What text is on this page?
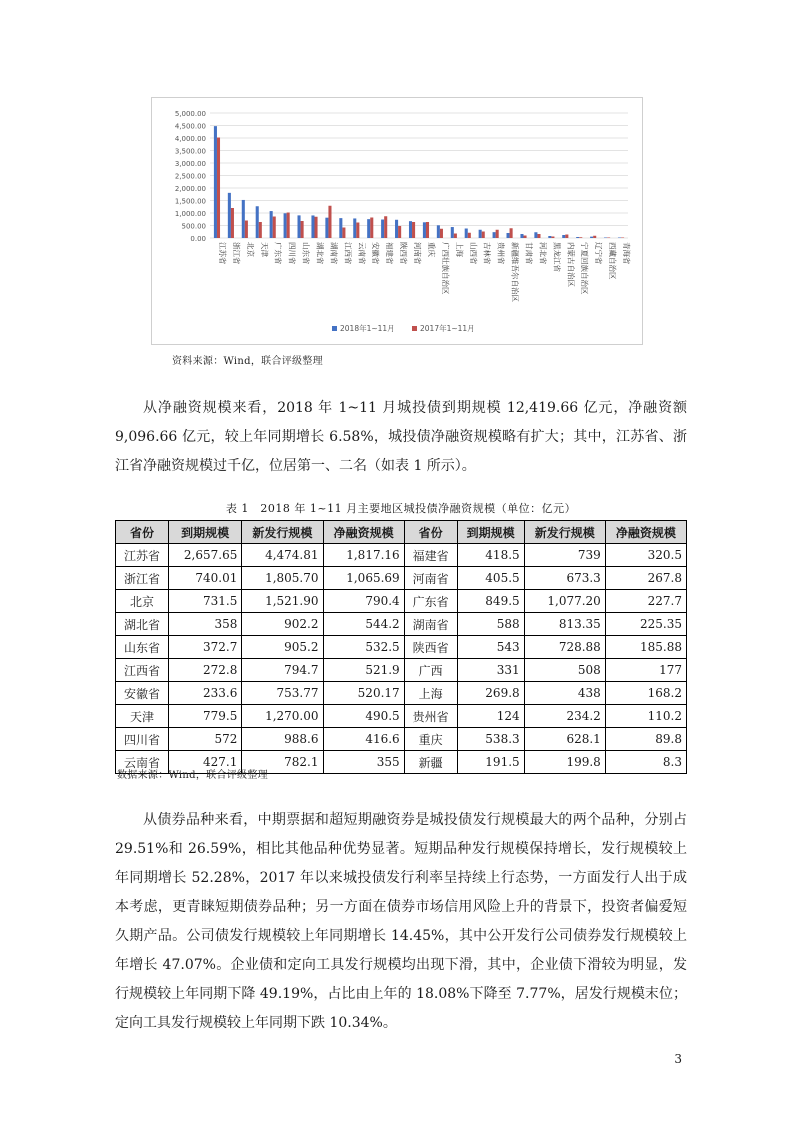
0.00
500.00
1,000.00
1,500.00
2,000.00
2,500.00
3,000.00
3,500.00
4,000.00
4,500.00
5,000.00
江苏省 浙江省 北京 天津 广东省 四川省 山东省 湖北省 湖南省 江西省 云南省 安徽省 福建省 陕西省 河南省 重庆 广西壮族自治区 上海 山西省 吉林省 贵州省 新疆维吾尔自治区 甘肃省 河北省 黑龙江省 内蒙古自治区 宁夏回族自治区 辽宁省 西藏自治区 青海省
2018年1~11月	2017年1~11月
资料来源：Wind，联合评级整理

从净融资规模来看，2018 年 1~11 月城投债到期规模 12,419.66 亿元，净融资额 9,096.66 亿元，较上年同期增长 6.58%，城投债净融资规模略有扩大；其中，江苏省、浙江省净融资规模过千亿，位居第一、二名（如表 1 所示）。

表 1　2018 年 1~11 月主要地区城投债净融资规模（单位：亿元）
省份	到期规模	新发行规模	净融资规模	省份	到期规模	新发行规模	净融资规模
江苏省	2,657.65	4,474.81	1,817.16	福建省	418.5	739	320.5
浙江省	740.01	1,805.70	1,065.69	河南省	405.5	673.3	267.8
北京	731.5	1,521.90	790.4	广东省	849.5	1,077.20	227.7
湖北省	358	902.2	544.2	湖南省	588	813.35	225.35
山东省	372.7	905.2	532.5	陕西省	543	728.88	185.88
江西省	272.8	794.7	521.9	广西	331	508	177
安徽省	233.6	753.77	520.17	上海	269.8	438	168.2
天津	779.5	1,270.00	490.5	贵州省	124	234.2	110.2
四川省	572	988.6	416.6	重庆	538.3	628.1	89.8
云南省	427.1	782.1	355	新疆	191.5	199.8	8.3
数据来源：Wind，联合评级整理

从债券品种来看，中期票据和超短期融资券是城投债发行规模最大的两个品种，分别占 29.51%和 26.59%，相比其他品种优势显著。短期品种发行规模保持增长，发行规模较上年同期增长 52.28%，2017 年以来城投债发行利率呈持续上行态势，一方面发行人出于成本考虑，更青睐短期债券品种；另一方面在债券市场信用风险上升的背景下，投资者偏爱短久期产品。公司债发行规模较上年同期增长 14.45%，其中公开发行公司债券发行规模较上年增长 47.07%。企业债和定向工具发行规模均出现下滑，其中，企业债下滑较为明显，发行规模较上年同期下降 49.19%，占比由上年的 18.08%下降至 7.77%，居发行规模末位；定向工具发行规模较上年同期下跌 10.34%。

3
